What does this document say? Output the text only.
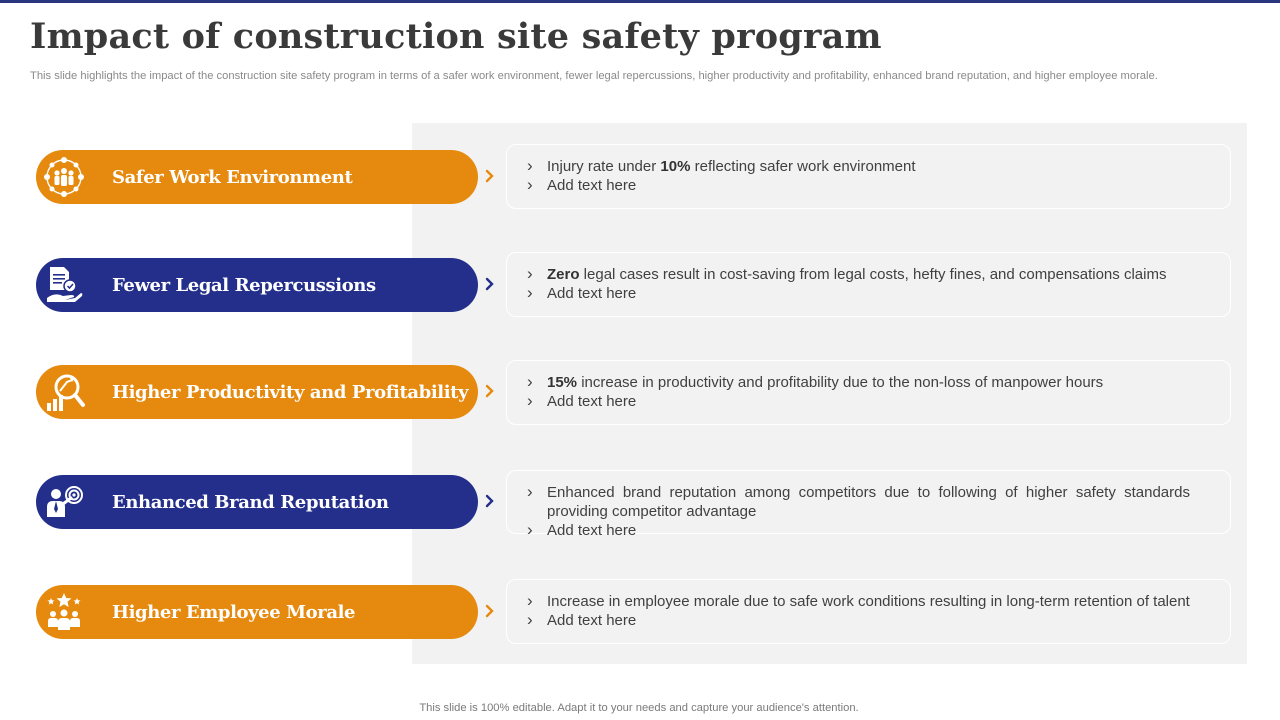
Impact of construction site safety program

This slide highlights the impact of the construction site safety program in terms of a safer work environment, fewer legal repercussions, higher productivity and profitability, enhanced brand reputation, and higher employee morale.

Safer Work Environment	› Injury rate under 10% reflecting safer work environment
› Add text here
Fewer Legal Repercussions	› Zero legal cases result in cost-saving from legal costs, hefty fines, and compensations claims
› Add text here
Higher Productivity and Profitability	› 15% increase in productivity and profitability due to the non-loss of manpower hours
› Add text here
Enhanced Brand Reputation	› Enhanced brand reputation among competitors due to following of higher safety standards providing competitor advantage
› Add text here
Higher Employee Morale	› Increase in employee morale due to safe work conditions resulting in long-term retention of talent
› Add text here

This slide is 100% editable. Adapt it to your needs and capture your audience's attention.
